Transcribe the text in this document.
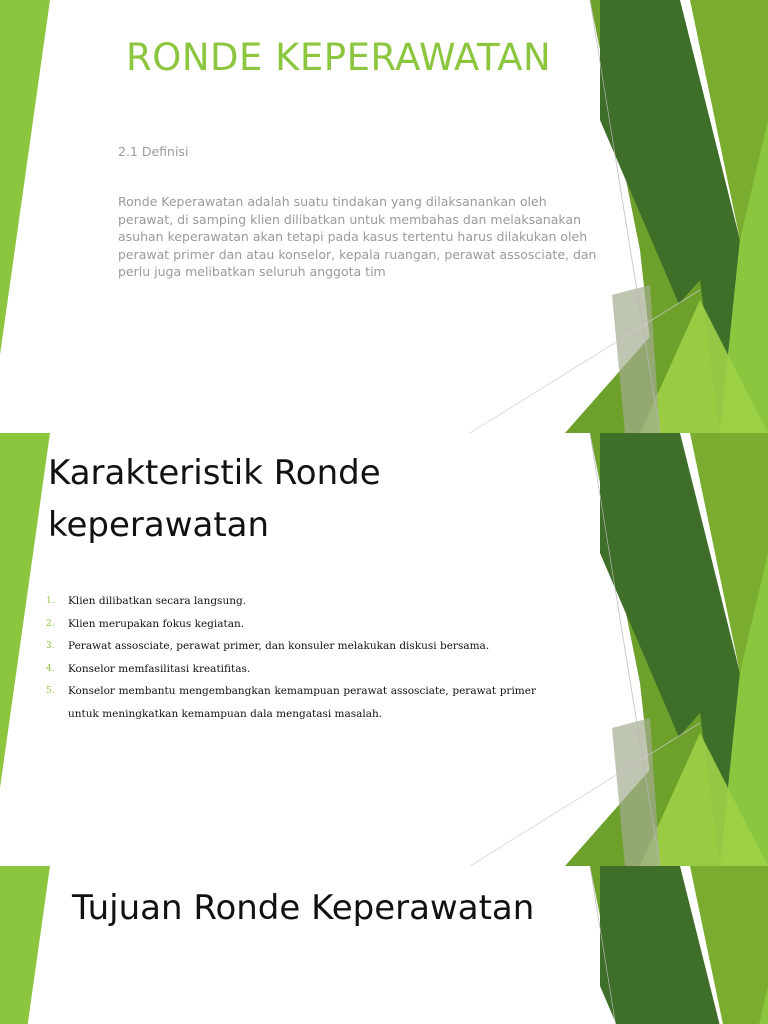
RONDE KEPERAWATAN

2.1 Definisi

Ronde Keperawatan adalah suatu tindakan yang dilaksanankan oleh perawat, di samping klien dilibatkan untuk membahas dan melaksanakan asuhan keperawatan akan tetapi pada kasus tertentu harus dilakukan oleh perawat primer dan atau konselor, kepala ruangan, perawat assosciate, dan perlu juga melibatkan seluruh anggota tim

Karakteristik Ronde keperawatan
1. Klien dilibatkan secara langsung.
2. Klien merupakan fokus kegiatan.
3. Perawat assosciate, perawat primer, dan konsuler melakukan diskusi bersama.
4. Konselor memfasilitasi kreatifitas.
5. Konselor membantu mengembangkan kemampuan perawat assosciate, perawat primer untuk meningkatkan kemampuan dala mengatasi masalah.
Tujuan Ronde Keperawatan
